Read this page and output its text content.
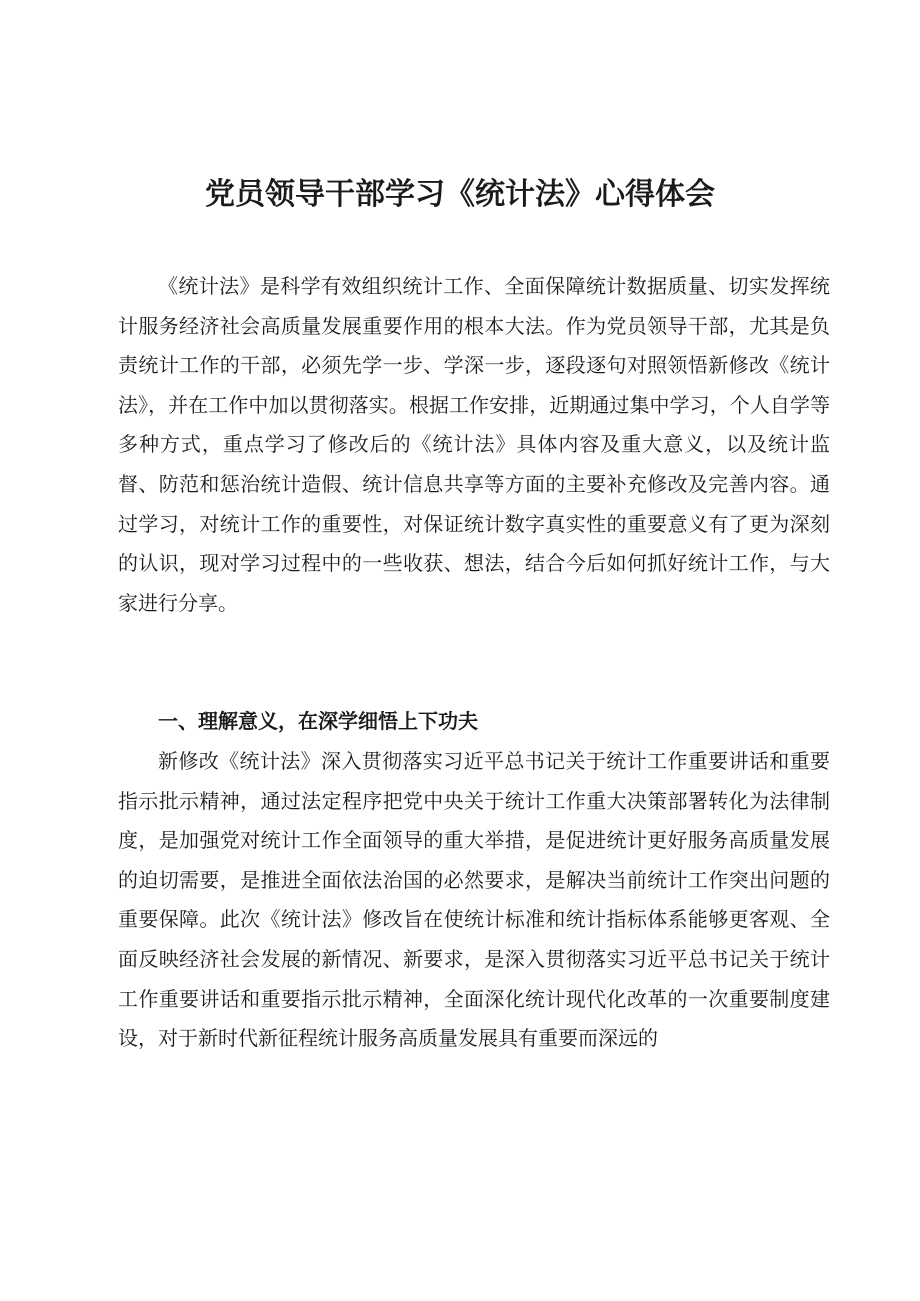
党员领导干部学习《统计法》心得体会

《统计法》是科学有效组织统计工作、全面保障统计数据质量、切实发挥统计服务经济社会高质量发展重要作用的根本大法。作为党员领导干部，尤其是负责统计工作的干部，必须先学一步、学深一步，逐段逐句对照领悟新修改《统计法》，并在工作中加以贯彻落实。根据工作安排，近期通过集中学习，个人自学等多种方式，重点学习了修改后的《统计法》具体内容及重大意义，以及统计监督、防范和惩治统计造假、统计信息共享等方面的主要补充修改及完善内容。通过学习，对统计工作的重要性，对保证统计数字真实性的重要意义有了更为深刻的认识，现对学习过程中的一些收获、想法，结合今后如何抓好统计工作，与大家进行分享。

一、理解意义，在深学细悟上下功夫

新修改《统计法》深入贯彻落实习近平总书记关于统计工作重要讲话和重要指示批示精神，通过法定程序把党中央关于统计工作重大决策部署转化为法律制度，是加强党对统计工作全面领导的重大举措，是促进统计更好服务高质量发展的迫切需要，是推进全面依法治国的必然要求，是解决当前统计工作突出问题的重要保障。此次《统计法》修改旨在使统计标准和统计指标体系能够更客观、全面反映经济社会发展的新情况、新要求，是深入贯彻落实习近平总书记关于统计工作重要讲话和重要指示批示精神，全面深化统计现代化改革的一次重要制度建设，对于新时代新征程统计服务高质量发展具有重要而深远的
